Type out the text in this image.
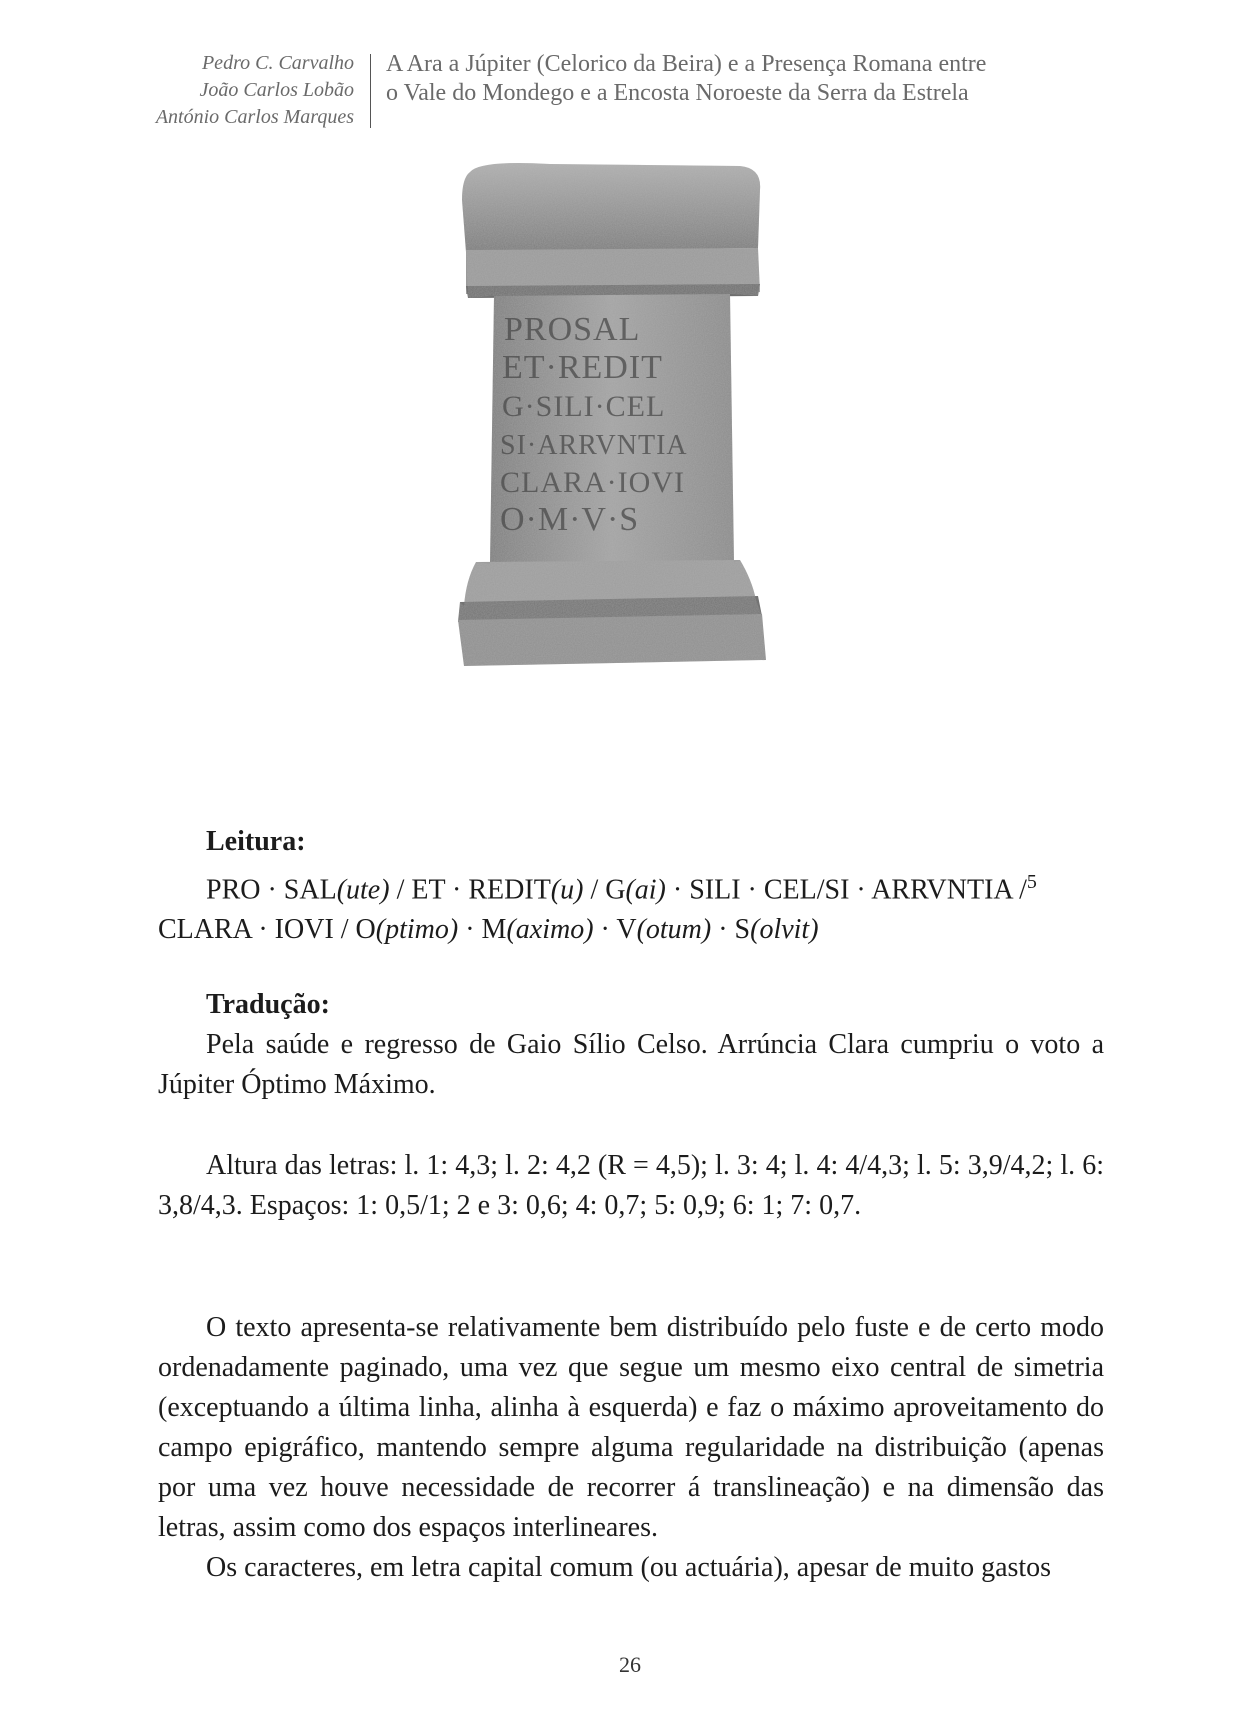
Pedro C. Carvalho
João Carlos Lobão
António Carlos Marques
A Ara a Júpiter (Celorico da Beira) e a Presença Romana entre
o Vale do Mondego e a Encosta Noroeste da Serra da Estrela
PROSAL
ET·REDIT
G·SILI·CEL
SI·ARRVNTIA
CLARA·IOVI
O·M·V·S

Leitura:

PRO · SAL(ute) / ET · REDIT(u) / G(ai) · SILI · CEL/SI · ARRVNTIA /$^5$

CLARA · IOVI / O(ptimo) · M(aximo) · V(otum) · S(olvit)

Tradução:

Pela saúde e regresso de Gaio Sílio Celso. Arrúncia Clara cumpriu o voto a Júpiter Óptimo Máximo.

Altura das letras: l. 1: 4,3; l. 2: 4,2 (R = 4,5); l. 3: 4; l. 4: 4/4,3; l. 5: 3,9/4,2; l. 6: 3,8/4,3. Espaços: 1: 0,5/1; 2 e 3: 0,6; 4: 0,7; 5: 0,9; 6: 1; 7: 0,7.

O texto apresenta-se relativamente bem distribuído pelo fuste e de certo modo ordenadamente paginado, uma vez que segue um mesmo eixo central de simetria (exceptuando a última linha, alinha à esquerda) e faz o máximo aproveitamento do campo epigráfico, mantendo sempre alguma regularidade na distribuição (apenas por uma vez houve necessidade de recorrer á translineação) e na dimensão das letras, assim como dos espaços interlineares.

Os caracteres, em letra capital comum (ou actuária), apesar de muito gastos

26
